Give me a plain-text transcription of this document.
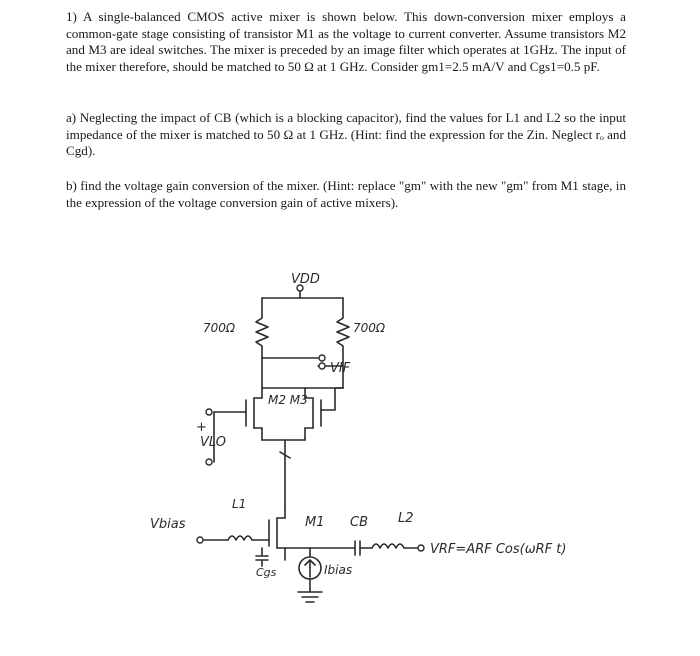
1) A single-balanced CMOS active mixer is shown below. This down-conversion mixer employs a common-gate stage consisting of transistor M1 as the voltage to current converter. Assume transistors M2 and M3 are ideal switches. The mixer is preceded by an image filter which operates at 1GHz. The input of the mixer therefore, should be matched to 50 Ω at 1 GHz. Consider gm1=2.5 mA/V and Cgs1=0.5 pF.

a) Neglecting the impact of CB (which is a blocking capacitor), find the values for L1 and L2 so the input impedance of the mixer is matched to 50 Ω at 1 GHz. (Hint: find the expression for the Zin. Neglect rₒ and Cgd).

b) find the voltage gain conversion of the mixer. (Hint: replace "gm" with the new "gm" from M1 stage, in the expression of the voltage conversion gain of active mixers).

VDD
700Ω	700Ω
VIF
M2 M3
+
VLO
Vbias
L1
M1 CB L2
VRF=ARF Cos(ωRF t)
Cgs	Ibias
